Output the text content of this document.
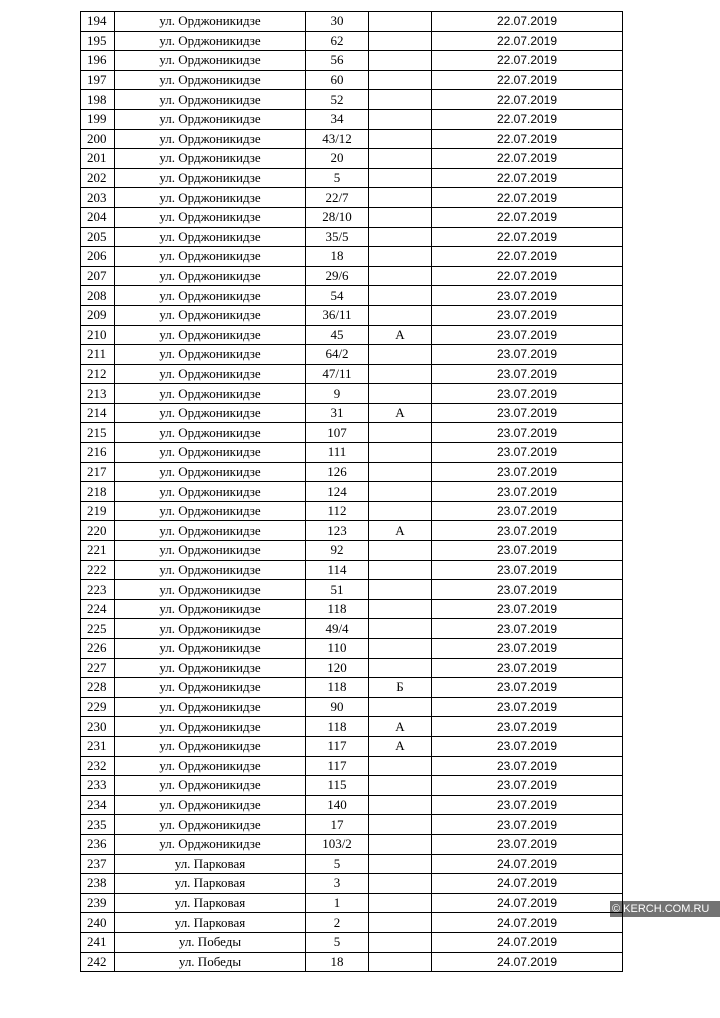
194	ул. Орджоникидзе	30		22.07.2019
195	ул. Орджоникидзе	62		22.07.2019
196	ул. Орджоникидзе	56		22.07.2019
197	ул. Орджоникидзе	60		22.07.2019
198	ул. Орджоникидзе	52		22.07.2019
199	ул. Орджоникидзе	34		22.07.2019
200	ул. Орджоникидзе	43/12		22.07.2019
201	ул. Орджоникидзе	20		22.07.2019
202	ул. Орджоникидзе	5		22.07.2019
203	ул. Орджоникидзе	22/7		22.07.2019
204	ул. Орджоникидзе	28/10		22.07.2019
205	ул. Орджоникидзе	35/5		22.07.2019
206	ул. Орджоникидзе	18		22.07.2019
207	ул. Орджоникидзе	29/6		22.07.2019
208	ул. Орджоникидзе	54		23.07.2019
209	ул. Орджоникидзе	36/11		23.07.2019
210	ул. Орджоникидзе	45	А	23.07.2019
211	ул. Орджоникидзе	64/2		23.07.2019
212	ул. Орджоникидзе	47/11		23.07.2019
213	ул. Орджоникидзе	9		23.07.2019
214	ул. Орджоникидзе	31	А	23.07.2019
215	ул. Орджоникидзе	107		23.07.2019
216	ул. Орджоникидзе	111		23.07.2019
217	ул. Орджоникидзе	126		23.07.2019
218	ул. Орджоникидзе	124		23.07.2019
219	ул. Орджоникидзе	112		23.07.2019
220	ул. Орджоникидзе	123	А	23.07.2019
221	ул. Орджоникидзе	92		23.07.2019
222	ул. Орджоникидзе	114		23.07.2019
223	ул. Орджоникидзе	51		23.07.2019
224	ул. Орджоникидзе	118		23.07.2019
225	ул. Орджоникидзе	49/4		23.07.2019
226	ул. Орджоникидзе	110		23.07.2019
227	ул. Орджоникидзе	120		23.07.2019
228	ул. Орджоникидзе	118	Б	23.07.2019
229	ул. Орджоникидзе	90		23.07.2019
230	ул. Орджоникидзе	118	А	23.07.2019
231	ул. Орджоникидзе	117	А	23.07.2019
232	ул. Орджоникидзе	117		23.07.2019
233	ул. Орджоникидзе	115		23.07.2019
234	ул. Орджоникидзе	140		23.07.2019
235	ул. Орджоникидзе	17		23.07.2019
236	ул. Орджоникидзе	103/2		23.07.2019
237	ул. Парковая	5		24.07.2019
238	ул. Парковая	3		24.07.2019
239	ул. Парковая	1		24.07.2019
240	ул. Парковая	2		24.07.2019
241	ул. Победы	5		24.07.2019
242	ул. Победы	18		24.07.2019
© KERCH.COM.RU
